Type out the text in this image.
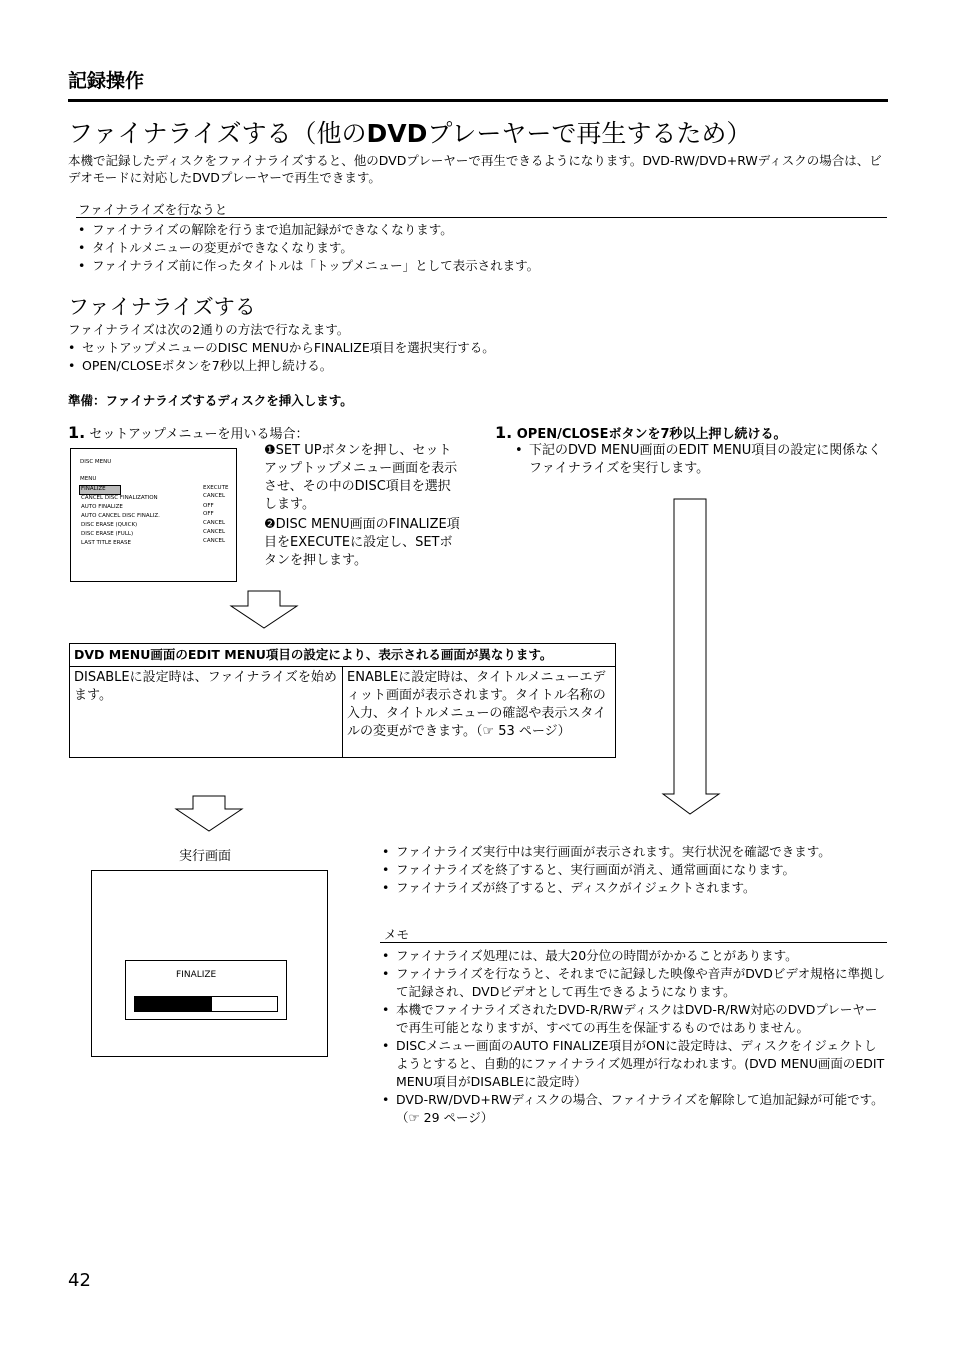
記録操作
ファイナライズする（他のDVDプレーヤーで再生するため）
本機で記録したディスクをファイナライズすると、他のDVDプレーヤーで再生できるようになります。DVD-RW/DVD+RWディスクの場合は、ビデオモードに対応したDVDプレーヤーで再生できます。
ファイナライズを行なうと
• ファイナライズの解除を行うまで追加記録ができなくなります。
• タイトルメニューの変更ができなくなります。
• ファイナライズ前に作ったタイトルは「トップメニュー」として表示されます。
ファイナライズする
ファイナライズは次の2通りの方法で行なえます。
• セットアップメニューのDISC MENUからFINALIZE項目を選択実行する。
• OPEN/CLOSEボタンを7秒以上押し続ける。
準備：ファイナライズするディスクを挿入します。
1. セットアップメニューを用いる場合：
DISC MENU
MENU
FINALIZE	EXECUTE
CANCEL DISC FINALIZATION	CANCEL
AUTO FINALIZE	OFF
AUTO CANCEL DISC FINALIZ.	OFF
DISC ERASE (QUICK)	CANCEL
DISC ERASE (FULL)	CANCEL
LAST TITLE ERASE	CANCEL
❶SET UPボタンを押し、セットアップトップメニュー画面を表示させ、その中のDISC項目を選択します。
❷DISC MENU画面のFINALIZE項目をEXECUTEに設定し、SETボタンを押します。
1. OPEN/CLOSEボタンを7秒以上押し続ける。
• 下記のDVD MENU画面のEDIT MENU項目の設定に関係なくファイナライズを実行します。
DVD MENU画面のEDIT MENU項目の設定により、表示される画面が異なります。
DISABLEに設定時は、ファイナライズを始めます。	ENABLEに設定時は、タイトルメニューエディット画面が表示されます。タイトル名称の入力、タイトルメニューの確認や表示スタイルの変更ができます。（☞ 53 ページ）
実行画面
FINALIZE
• ファイナライズ実行中は実行画面が表示されます。実行状況を確認できます。
• ファイナライズを終了すると、実行画面が消え、通常画面になります。
• ファイナライズが終了すると、ディスクがイジェクトされます。
メモ
• ファイナライズ処理には、最大20分位の時間がかかることがあります。
• ファイナライズを行なうと、それまでに記録した映像や音声がDVDビデオ規格に準拠して記録され、DVDビデオとして再生できるようになります。
• 本機でファイナライズされたDVD-R/RWディスクはDVD-R/RW対応のDVDプレーヤーで再生可能となりますが、すべての再生を保証するものではありません。
• DISCメニュー画面のAUTO FINALIZE項目がONに設定時は、ディスクをイジェクトしようとすると、自動的にファイナライズ処理が行なわれます。(DVD MENU画面のEDIT MENU項目がDISABLEに設定時）
• DVD-RW/DVD+RWディスクの場合、ファイナライズを解除して追加記録が可能です。（☞ 29 ページ）
42
